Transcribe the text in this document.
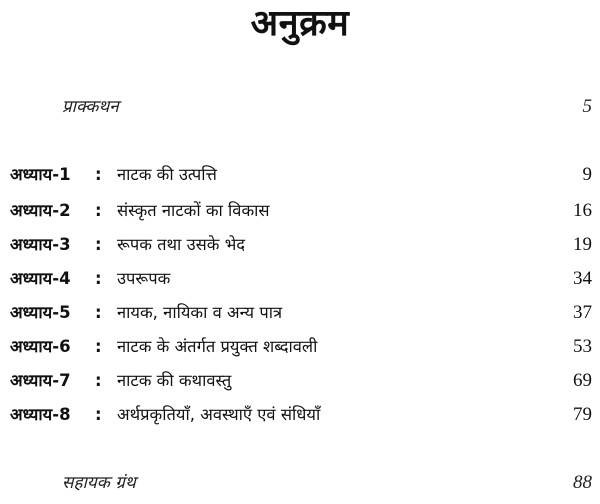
अनुक्रम
प्राक्कथन	5
अध्याय-1 : नाटक की उत्पत्ति	9
अध्याय-2 : संस्कृत नाटकों का विकास	16
अध्याय-3 : रूपक तथा उसके भेद	19
अध्याय-4 : उपरूपक	34
अध्याय-5 : नायक, नायिका व अन्य पात्र	37
अध्याय-6 : नाटक के अंतर्गत प्रयुक्त शब्दावली	53
अध्याय-7 : नाटक की कथावस्तु	69
अध्याय-8 : अर्थप्रकृतियाँ, अवस्थाएँ एवं संधियाँ	79
सहायक ग्रंथ	88
